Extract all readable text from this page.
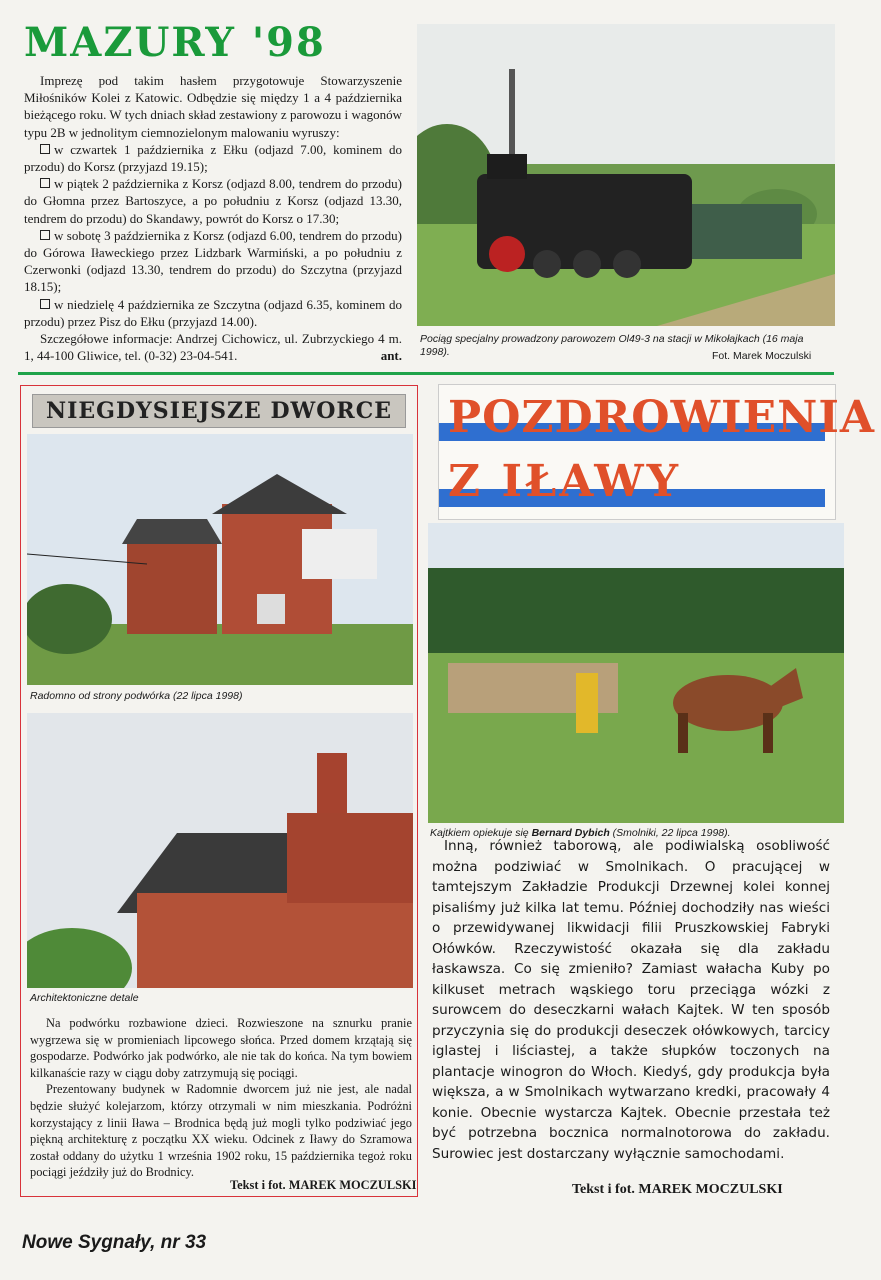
MAZURY '98

Imprezę pod takim hasłem przygotowuje Stowarzyszenie Miłośników Kolei z Katowic. Odbędzie się między 1 a 4 października bieżącego roku. W tych dniach skład zestawiony z parowozu i wagonów typu 2B w jednolitym ciemnozielonym malowaniu wyruszy:

w czwartek 1 października z Ełku (odjazd 7.00, kominem do przodu) do Korsz (przyjazd 19.15);

w piątek 2 października z Korsz (odjazd 8.00, tendrem do przodu) do Głomna przez Bartoszyce, a po południu z Korsz (odjazd 13.30, tendrem do przodu) do Skandawy, powrót do Korsz o 17.30;

w sobotę 3 października z Korsz (odjazd 6.00, tendrem do przodu) do Górowa Iławeckiego przez Lidzbark Warmiński, a po południu z Czerwonki (odjazd 13.30, tendrem do przodu) do Szczytna (przyjazd 18.15);

w niedzielę 4 października ze Szczytna (odjazd 6.35, kominem do przodu) przez Pisz do Ełku (przyjazd 14.00).

Szczegółowe informacje: Andrzej Cichowicz, ul. Zubrzyckiego 4 m. 1, 44-100 Gliwice, tel. (0-32) 23-04-541.	ant.

Pociąg specjalny prowadzony parowozem Ol49-3 na stacji w Mikołajkach (16 maja 1998).	Fot. Marek Moczulski
NIEGDYSIEJSZE DWORCE
Radomno od strony podwórka (22 lipca 1998)
Architektoniczne detale

Na podwórku rozbawione dzieci. Rozwieszone na sznurku pranie wygrzewa się w promieniach lipcowego słońca. Przed domem krzątają się gospodarze. Podwórko jak podwórko, ale nie tak do końca. Na tym bowiem kilkanaście razy w ciągu doby zatrzymują się pociągi.

Prezentowany budynek w Radomnie dworcem już nie jest, ale nadal będzie służyć kolejarzom, którzy otrzymali w nim mieszkania. Podróżni korzystający z linii Iława – Brodnica będą już mogli tylko podziwiać jego piękną architekturę z początku XX wieku. Odcinek z Iławy do Szramowa został oddany do użytku 1 września 1902 roku, 15 października tegoż roku pociągi jeździły już do Brodnicy.

Tekst i fot. MAREK MOCZULSKI
POZDROWIENIA
Z IŁAWY
Kajtkiem opiekuje się Bernard Dybich (Smolniki, 22 lipca 1998).

Inną, również taborową, ale podiwialską osobliwość można podziwiać w Smolnikach. O pracującej w tamtejszym Zakładzie Produkcji Drzewnej kolei konnej pisaliśmy już kilka lat temu. Później dochodziły nas wieści o przewidywanej likwidacji filii Pruszkowskiej Fabryki Ołówków. Rzeczywistość okazała się dla zakładu łaskawsza. Co się zmieniło? Zamiast wałacha Kuby po kilkuset metrach wąskiego toru przeciąga wózki z surowcem do deseczkarni wałach Kajtek. W ten sposób przyczynia się do produkcji deseczek ołówkowych, tarcicy iglastej i liściastej, a także słupków toczonych na plantacje winogron do Włoch. Kiedyś, gdy produkcja była większa, a w Smolnikach wytwarzano kredki, pracowały 4 konie. Obecnie wystarcza Kajtek. Obecnie przestała też być potrzebna bocznica normalnotorowa do zakładu. Surowiec jest dostarczany wyłącznie samochodami.

Tekst i fot. MAREK MOCZULSKI
Nowe Sygnały, nr 33
